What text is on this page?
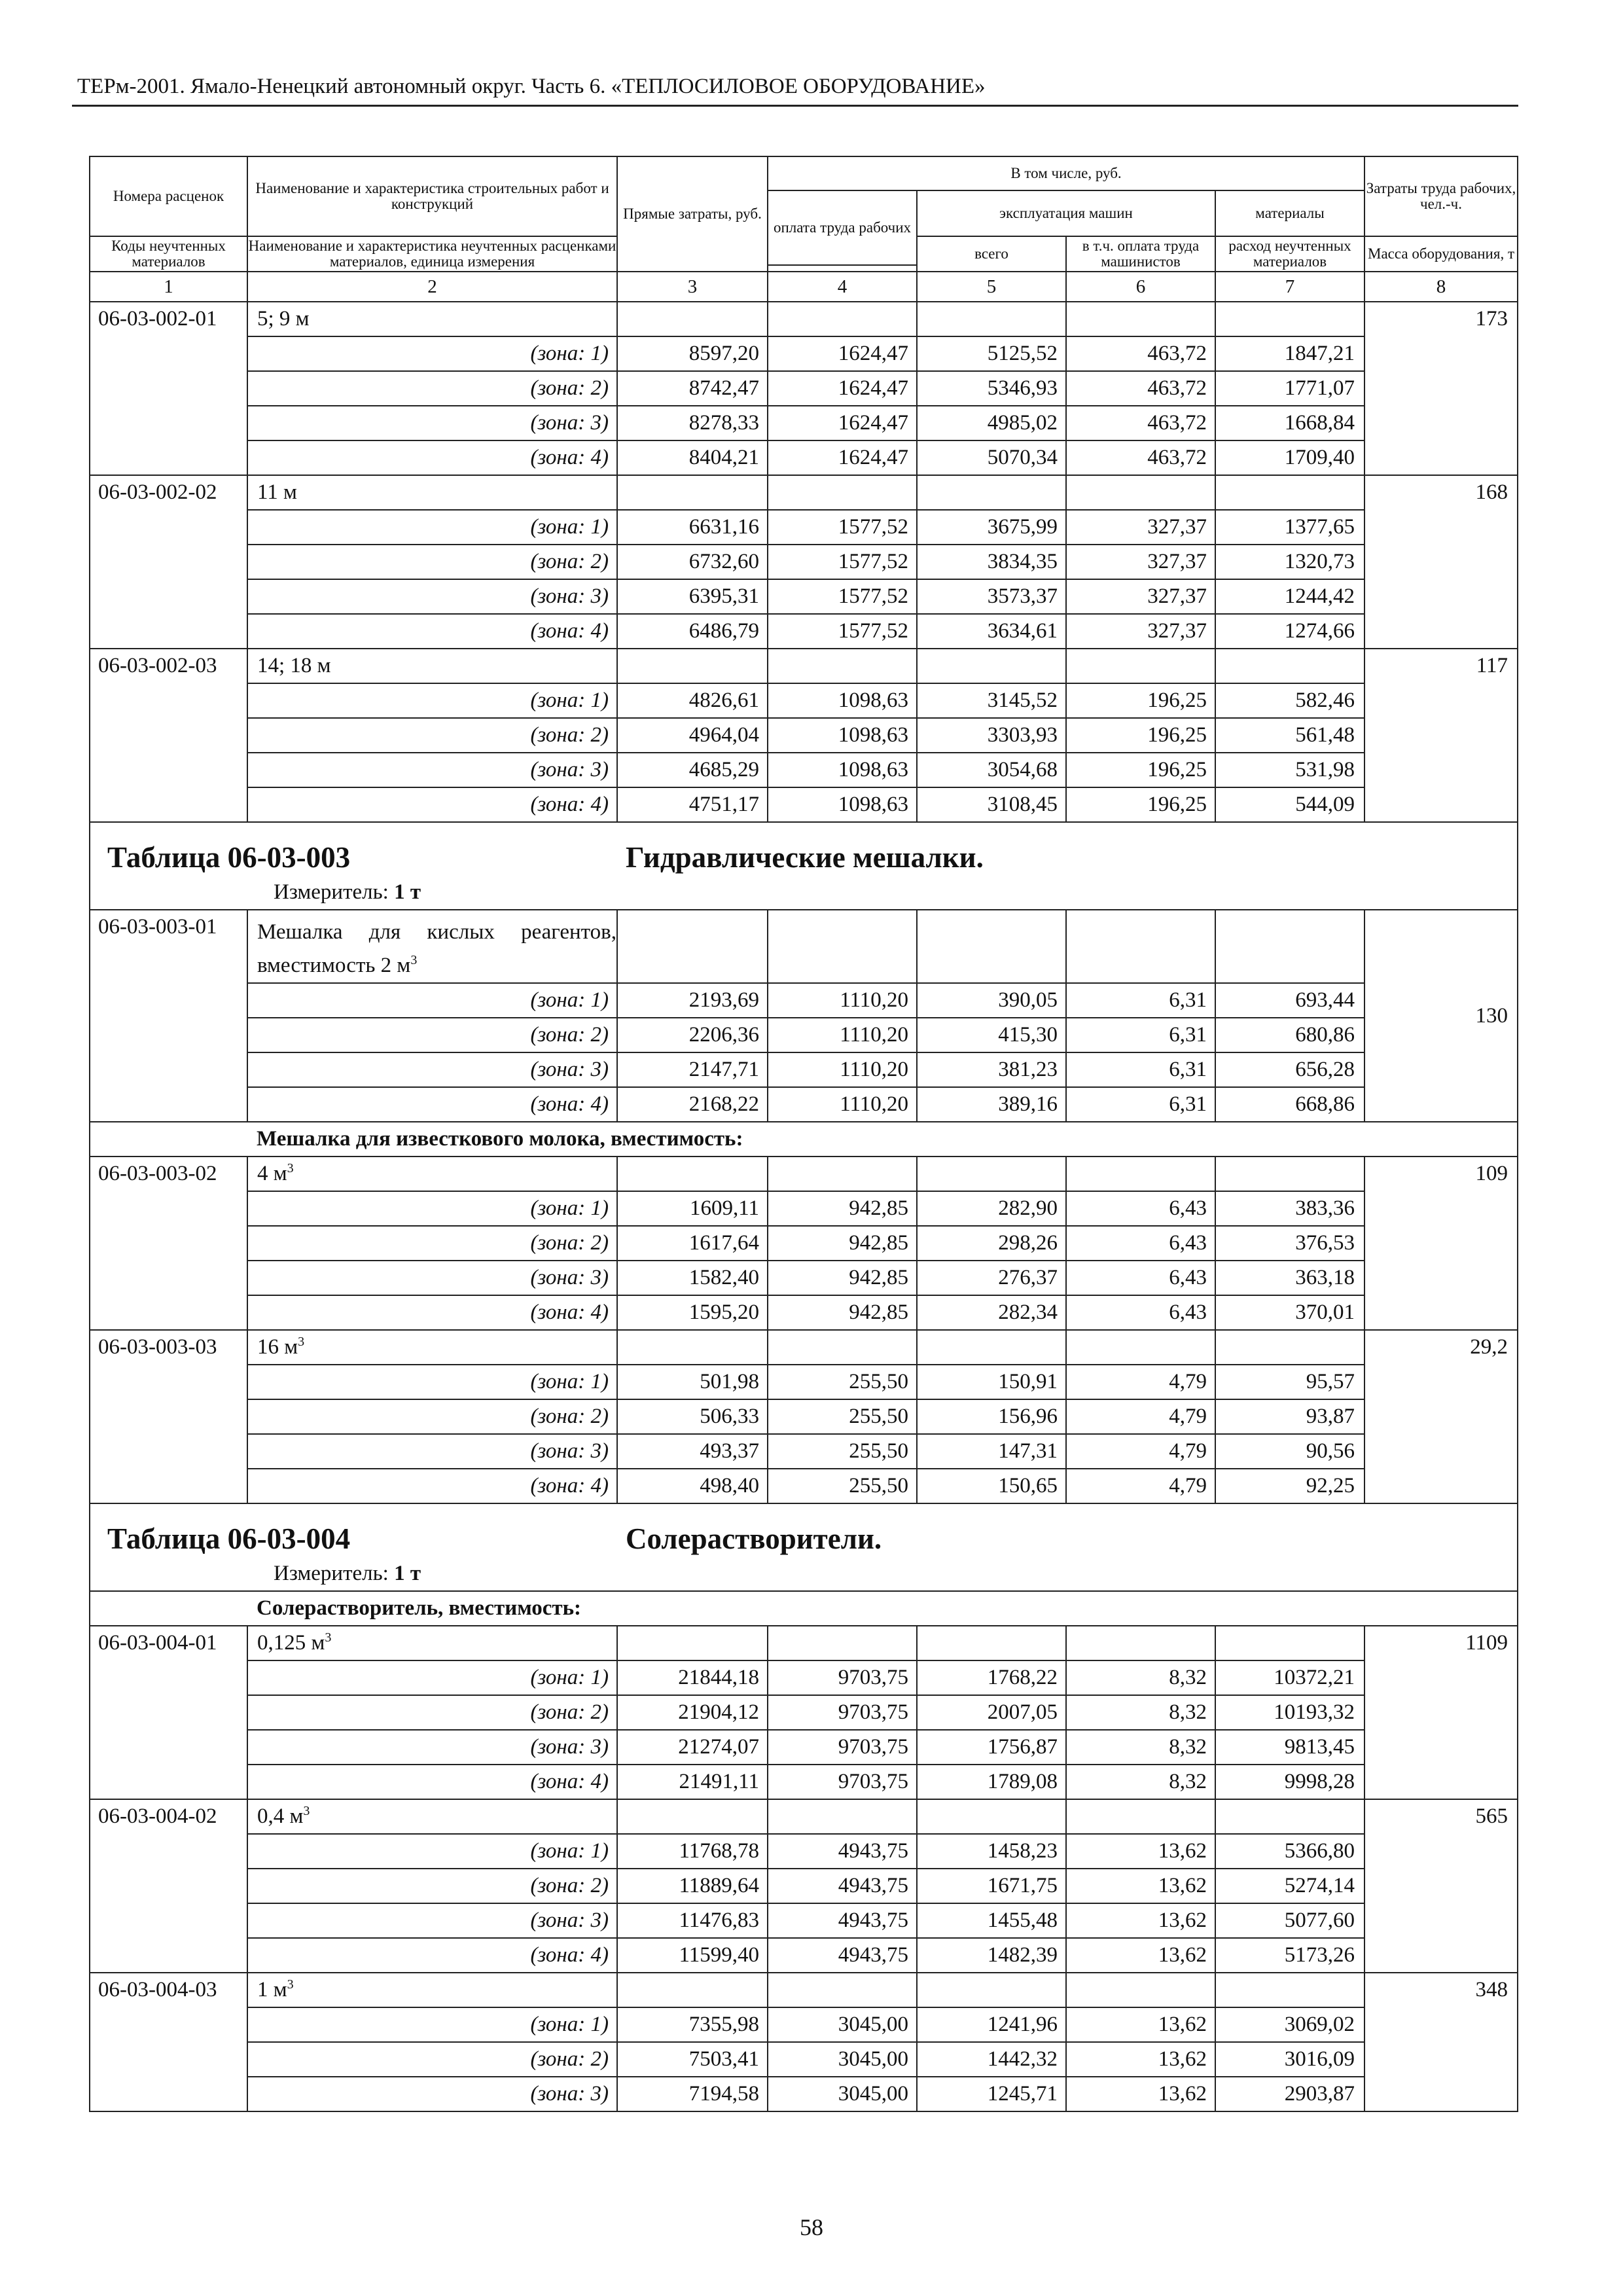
ТЕРм-2001. Ямало-Ненецкий автономный округ. Часть 6. «ТЕПЛОСИЛОВОЕ ОБОРУДОВАНИЕ»
Номера расценок	Наименование и характеристика строительных работ и конструкций	Прямые затраты, руб.	В том числе, руб.				Затраты труда рабочих, чел.-ч.
			оплата труда рабочих	эксплуатация машин		материалы	

Коды неучтенных материалов	Наименование и характеристика неучтенных расценками материалов, единица измерения			всего	в т.ч. оплата труда машинистов	расход неучтенных материалов	Масса оборудования, т

1	2	3	4	5	6	7	8
06-03-002-01	5; 9 м						173
	(зона: 1)	8597,20	1624,47	5125,52	463,72	1847,21	
	(зона: 2)	8742,47	1624,47	5346,93	463,72	1771,07	
	(зона: 3)	8278,33	1624,47	4985,02	463,72	1668,84	
	(зона: 4)	8404,21	1624,47	5070,34	463,72	1709,40	
06-03-002-02	11 м						168
	(зона: 1)	6631,16	1577,52	3675,99	327,37	1377,65	
	(зона: 2)	6732,60	1577,52	3834,35	327,37	1320,73	
	(зона: 3)	6395,31	1577,52	3573,37	327,37	1244,42	
	(зона: 4)	6486,79	1577,52	3634,61	327,37	1274,66	
06-03-002-03	14; 18 м						117
	(зона: 1)	4826,61	1098,63	3145,52	196,25	582,46	
	(зона: 2)	4964,04	1098,63	3303,93	196,25	561,48	
	(зона: 3)	4685,29	1098,63	3054,68	196,25	531,98	
	(зона: 4)	4751,17	1098,63	3108,45	196,25	544,09	
Таблица 06-03-003 Гидравлические мешалки.
Измеритель: 1 т							

06-03-003-01	Мешалка для кислых реагентов, вместимость 2 $м^3$						130
	(зона: 1)	2193,69	1110,20	390,05	6,31	693,44	
	(зона: 2)	2206,36	1110,20	415,30	6,31	680,86	
	(зона: 3)	2147,71	1110,20	381,23	6,31	656,28	
	(зона: 4)	2168,22	1110,20	389,16	6,31	668,86	
Мешалка для известкового молока, вместимость:							
06-03-003-02	4 $м^3$						109
	(зона: 1)	1609,11	942,85	282,90	6,43	383,36	
	(зона: 2)	1617,64	942,85	298,26	6,43	376,53	
	(зона: 3)	1582,40	942,85	276,37	6,43	363,18	
	(зона: 4)	1595,20	942,85	282,34	6,43	370,01	
06-03-003-03	16 $м^3$						29,2
	(зона: 1)	501,98	255,50	150,91	4,79	95,57	
	(зона: 2)	506,33	255,50	156,96	4,79	93,87	
	(зона: 3)	493,37	255,50	147,31	4,79	90,56	
	(зона: 4)	498,40	255,50	150,65	4,79	92,25	
Таблица 06-03-004 Солерастворители.
Измеритель: 1 т							

Солерастворитель, вместимость:							
06-03-004-01	0,125 $м^3$						1109
	(зона: 1)	21844,18	9703,75	1768,22	8,32	10372,21	
	(зона: 2)	21904,12	9703,75	2007,05	8,32	10193,32	
	(зона: 3)	21274,07	9703,75	1756,87	8,32	9813,45	
	(зона: 4)	21491,11	9703,75	1789,08	8,32	9998,28	
06-03-004-02	0,4 $м^3$						565
	(зона: 1)	11768,78	4943,75	1458,23	13,62	5366,80	
	(зона: 2)	11889,64	4943,75	1671,75	13,62	5274,14	
	(зона: 3)	11476,83	4943,75	1455,48	13,62	5077,60	
	(зона: 4)	11599,40	4943,75	1482,39	13,62	5173,26	
06-03-004-03	1 $м^3$						348
	(зона: 1)	7355,98	3045,00	1241,96	13,62	3069,02	
	(зона: 2)	7503,41	3045,00	1442,32	13,62	3016,09	
	(зона: 3)	7194,58	3045,00	1245,71	13,62	2903,87	
58
